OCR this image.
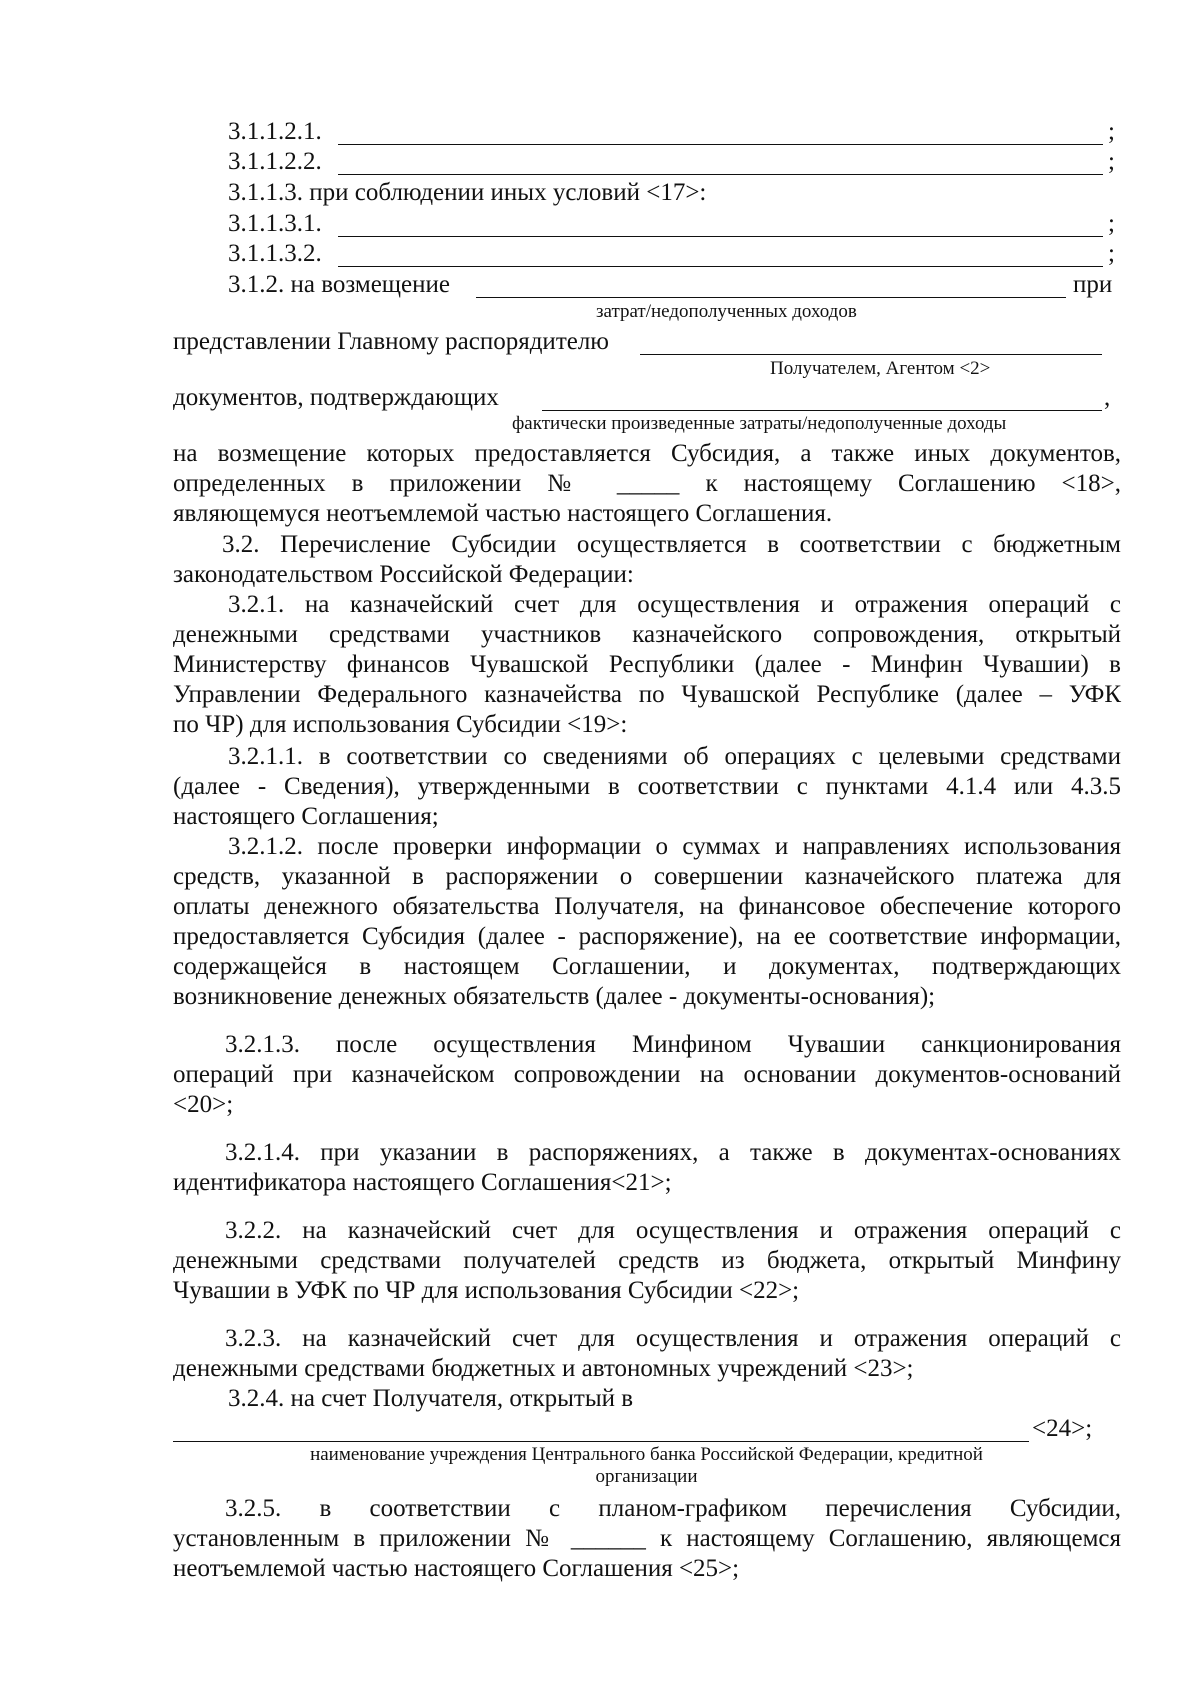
3.1.1.2.1.	;
3.1.1.2.2.	;
3.1.1.3. при соблюдении иных условий <17>:
3.1.1.3.1.	;
3.1.1.3.2.	;
3.1.2. на возмещение	при
затрат/недополученных доходов
представлении Главному распорядителю
Получателем, Агентом <2>
документов, подтверждающих	,
фактически произведенные затраты/недополученные доходы
на возмещение которых предоставляется Субсидия, а также иных документов,
определенных в приложении № _____ к настоящему Соглашению <18>,
являющемуся неотъемлемой частью настоящего Соглашения.
3.2. Перечисление Субсидии осуществляется в соответствии с бюджетным
законодательством Российской Федерации:
3.2.1. на казначейский счет для осуществления и отражения операций с
денежными средствами участников казначейского сопровождения, открытый
Министерству финансов Чувашской Республики (далее - Минфин Чувашии) в
Управлении Федерального казначейства по Чувашской Республике (далее – УФК
по ЧР) для использования Субсидии <19>:
3.2.1.1. в соответствии со сведениями об операциях с целевыми средствами
(далее - Сведения), утвержденными в соответствии с пунктами 4.1.4 или 4.3.5
настоящего Соглашения;
3.2.1.2. после проверки информации о суммах и направлениях использования
средств, указанной в распоряжении о совершении казначейского платежа для
оплаты денежного обязательства Получателя, на финансовое обеспечение которого
предоставляется Субсидия (далее - распоряжение), на ее соответствие информации,
содержащейся в настоящем Соглашении, и документах, подтверждающих
возникновение денежных обязательств (далее - документы-основания);
3.2.1.3. после осуществления Минфином Чувашии санкционирования
операций при казначейском сопровождении на основании документов-оснований
<20>;
3.2.1.4. при указании в распоряжениях, а также в документах-основаниях
идентификатора настоящего Соглашения<21>;
3.2.2. на казначейский счет для осуществления и отражения операций с
денежными средствами получателей средств из бюджета, открытый Минфину
Чувашии в УФК по ЧР для использования Субсидии <22>;
3.2.3. на казначейский счет для осуществления и отражения операций с
денежными средствами бюджетных и автономных учреждений <23>;
3.2.4. на счет Получателя, открытый в
<24>;
наименование учреждения Центрального банка Российской Федерации, кредитной
организации
3.2.5. в соответствии с планом-графиком перечисления Субсидии,
установленным в приложении № ______ к настоящему Соглашению, являющемся
неотъемлемой частью настоящего Соглашения <25>;
